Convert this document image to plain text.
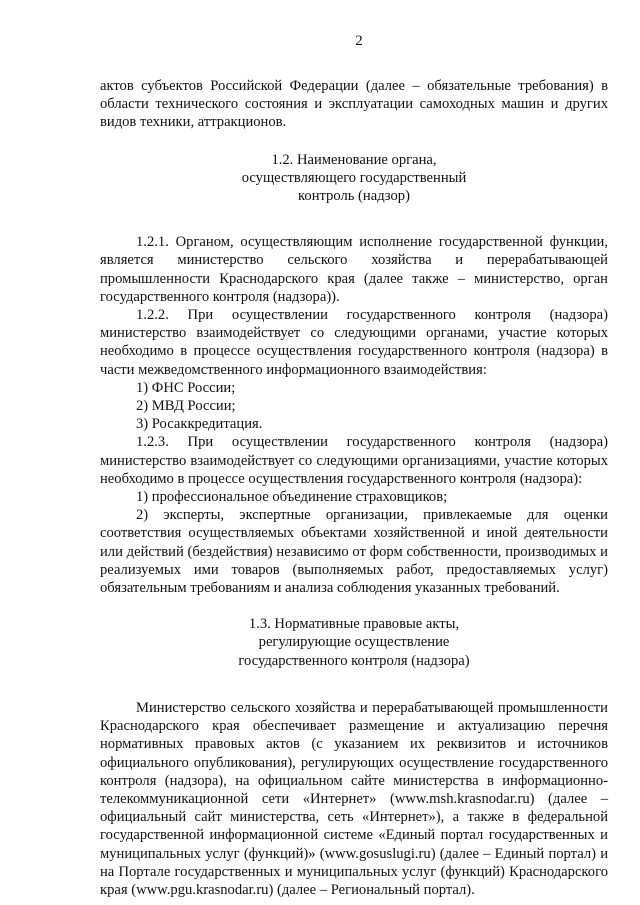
2

актов субъектов Российской Федерации (далее – обязательные требования) в области технического состояния и эксплуатации самоходных машин и других видов техники, аттракционов.

1.2. Наименование органа,

осуществляющего государственный

контроль (надзор)

1.2.1. Органом, осуществляющим исполнение государственной функции, является министерство сельского хозяйства и перерабатывающей промышленности Краснодарского края (далее также – министерство, орган государственного контроля (надзора)).

1.2.2. При осуществлении государственного контроля (надзора) министерство взаимодействует со следующими органами, участие которых необходимо в процессе осуществления государственного контроля (надзора) в части межведомственного информационного взаимодействия:

1) ФНС России;

2) МВД России;

3) Росаккредитация.

1.2.3. При осуществлении государственного контроля (надзора) министерство взаимодействует со следующими организациями, участие которых необходимо в процессе осуществления государственного контроля (надзора):

1) профессиональное объединение страховщиков;

2) эксперты, экспертные организации, привлекаемые для оценки соответствия осуществляемых объектами хозяйственной и иной деятельности или действий (бездействия) независимо от форм собственности, производимых и реализуемых ими товаров (выполняемых работ, предоставляемых услуг) обязательным требованиям и анализа соблюдения указанных требований.

1.3. Нормативные правовые акты,

регулирующие осуществление

государственного контроля (надзора)

Министерство сельского хозяйства и перерабатывающей промышленности Краснодарского края обеспечивает размещение и актуализацию перечня нормативных правовых актов (с указанием их реквизитов и источников официального опубликования), регулирующих осуществление государственного контроля (надзора), на официальном сайте министерства в информационно-телекоммуникационной сети «Интернет» (www.msh.krasnodar.ru) (далее – официальный сайт министерства, сеть «Интернет»), а также в федеральной государственной информационной системе «Единый портал государственных и муниципальных услуг (функций)» (www.gosuslugi.ru) (далее – Единый портал) и на Портале государственных и муниципальных услуг (функций) Краснодарского края (www.pgu.krasnodar.ru) (далее – Региональный портал).
